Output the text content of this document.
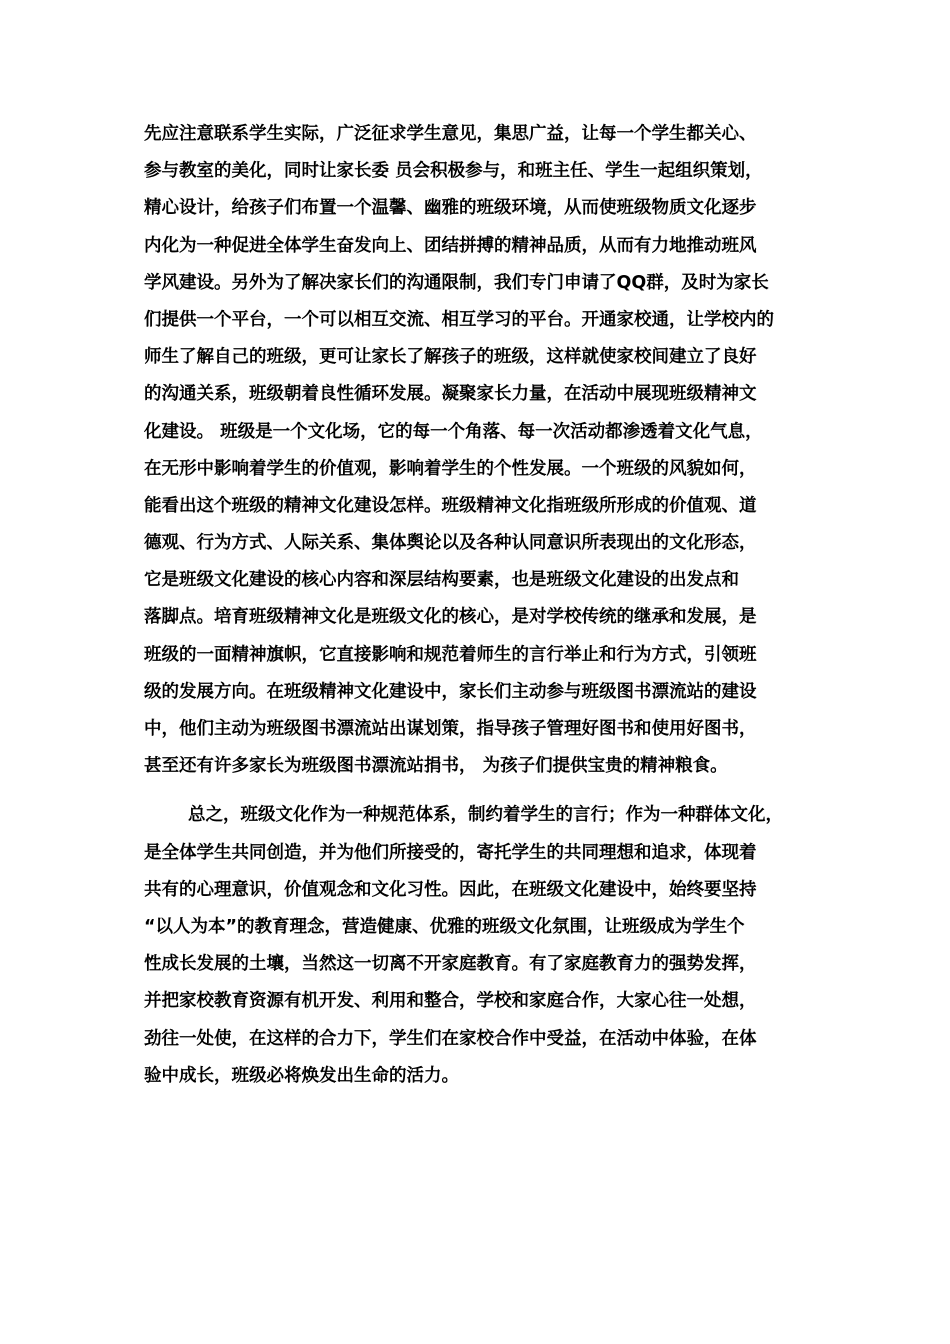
先应注意联系学生实际，广泛征求学生意见，集思广益，让每一个学生都关心、
参与教室的美化，同时让家长委 员会积极参与，和班主任、学生一起组织策划，
精心设计，给孩子们布置一个温馨、幽雅的班级环境，从而使班级物质文化逐步
内化为一种促进全体学生奋发向上、团结拼搏的精神品质，从而有力地推动班风
学风建设。另外为了解决家长们的沟通限制，我们专门申请了QQ群，及时为家长
们提供一个平台，一个可以相互交流、相互学习的平台。开通家校通，让学校内的
师生了解自己的班级，更可让家长了解孩子的班级，这样就使家校间建立了良好
的沟通关系，班级朝着良性循环发展。凝聚家长力量，在活动中展现班级精神文
化建设。 班级是一个文化场，它的每一个角落、每一次活动都渗透着文化气息，
在无形中影响着学生的价值观，影响着学生的个性发展。一个班级的风貌如何，
能看出这个班级的精神文化建设怎样。班级精神文化指班级所形成的价值观、道
德观、行为方式、人际关系、集体舆论以及各种认同意识所表现出的文化形态，
它是班级文化建设的核心内容和深层结构要素，也是班级文化建设的出发点和
落脚点。培育班级精神文化是班级文化的核心，是对学校传统的继承和发展，是
班级的一面精神旗帜，它直接影响和规范着师生的言行举止和行为方式，引领班
级的发展方向。在班级精神文化建设中，家长们主动参与班级图书漂流站的建设
中，他们主动为班级图书漂流站出谋划策，指导孩子管理好图书和使用好图书，
甚至还有许多家长为班级图书漂流站捐书， 为孩子们提供宝贵的精神粮食。
总之，班级文化作为一种规范体系，制约着学生的言行；作为一种群体文化，
是全体学生共同创造，并为他们所接受的，寄托学生的共同理想和追求，体现着
共有的心理意识，价值观念和文化习性。因此，在班级文化建设中，始终要坚持
“以人为本”的教育理念，营造健康、优雅的班级文化氛围，让班级成为学生个
性成长发展的土壤，当然这一切离不开家庭教育。有了家庭教育力的强势发挥，
并把家校教育资源有机开发、利用和整合，学校和家庭合作，大家心往一处想，
劲往一处使，在这样的合力下，学生们在家校合作中受益，在活动中体验，在体
验中成长，班级必将焕发出生命的活力。
